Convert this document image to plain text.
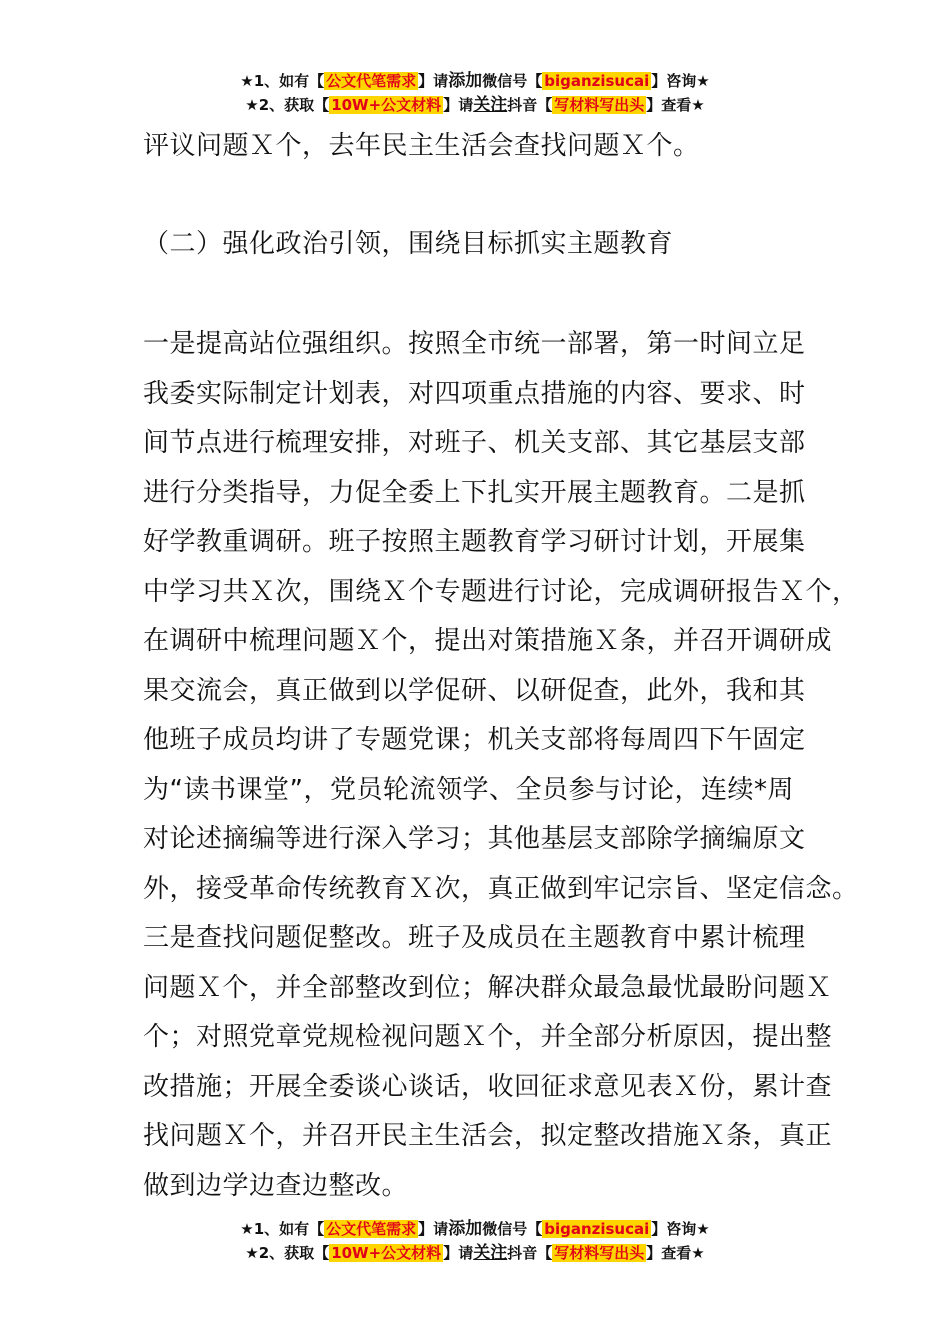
★1、如有【 公文代笔需求 】请添加微信号【 biganzisucai 】咨询★
★2、获取【 10W+公文材料 】请关注抖音【 写材料写出头 】查看★
评议问题Ｘ个，去年民主生活会查找问题Ｘ个。
（二）强化政治引领，围绕目标抓实主题教育
一是提高站位强组织。按照全市统一部署，第一时间立足
我委实际制定计划表，对四项重点措施的内容、要求、时
间节点进行梳理安排，对班子、机关支部、其它基层支部
进行分类指导，力促全委上下扎实开展主题教育。二是抓
好学教重调研。班子按照主题教育学习研讨计划，开展集
中学习共Ｘ次，围绕Ｘ个专题进行讨论，完成调研报告Ｘ个，
在调研中梳理问题Ｘ个，提出对策措施Ｘ条，并召开调研成
果交流会，真正做到以学促研、以研促查，此外，我和其
他班子成员均讲了专题党课；机关支部将每周四下午固定
为“读书课堂”，党员轮流领学、全员参与讨论，连续*周
对论述摘编等进行深入学习；其他基层支部除学摘编原文
外，接受革命传统教育Ｘ次，真正做到牢记宗旨、坚定信念。
三是查找问题促整改。班子及成员在主题教育中累计梳理
问题Ｘ个，并全部整改到位；解决群众最急最忧最盼问题Ｘ
个；对照党章党规检视问题Ｘ个，并全部分析原因，提出整
改措施；开展全委谈心谈话，收回征求意见表Ｘ份，累计查
找问题Ｘ个，并召开民主生活会，拟定整改措施Ｘ条，真正
做到边学边查边整改。
★1、如有【 公文代笔需求 】请添加微信号【 biganzisucai 】咨询★
★2、获取【 10W+公文材料 】请关注抖音【 写材料写出头 】查看★
